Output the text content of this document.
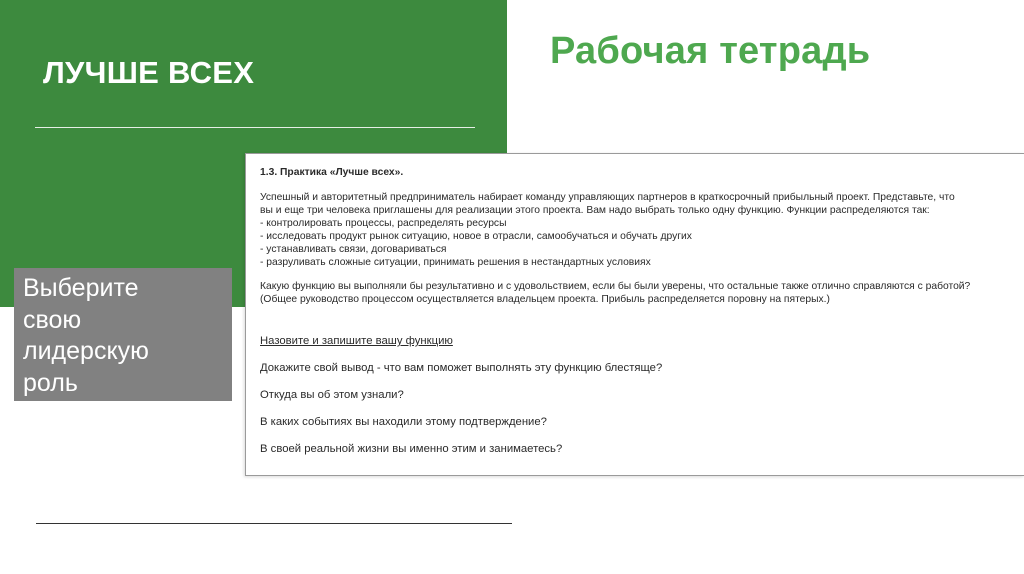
ЛУЧШЕ ВСЕХ
Рабочая тетрадь
Выберите
свою
лидерскую
роль
1.3. Практика «Лучше всех».
Успешный и авторитетный предприниматель набирает команду управляющих партнеров в краткосрочный прибыльный проект. Представьте, что
вы и еще три человека приглашены для реализации этого проекта. Вам надо выбрать только одну функцию. Функции распределяются так:
- контролировать процессы, распределять ресурсы
- исследовать продукт рынок ситуацию, новое в отрасли, самообучаться и обучать других
- устанавливать связи, договариваться
- разруливать сложные ситуации, принимать решения в нестандартных условиях
Какую функцию вы выполняли бы результативно и с удовольствием, если бы были уверены, что остальные также отлично справляются с работой?
(Общее руководство процессом осуществляется владельцем проекта. Прибыль распределяется поровну на пятерых.)
Назовите и запишите вашу функцию
Докажите свой вывод - что вам поможет выполнять эту функцию блестяще?
Откуда вы об этом узнали?
В каких событиях вы находили этому подтверждение?
В своей реальной жизни вы именно этим и занимаетесь?
